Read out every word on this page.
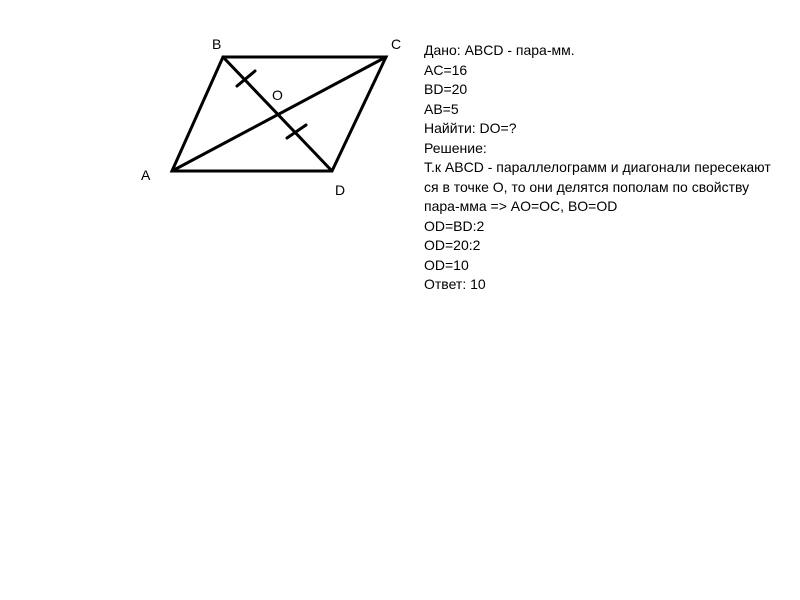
A
B	C
D
O
Дано: ABCD - пара-мм.
AC=16
BD=20
AB=5
Наййти: DO=?
Решение:
Т.к ABCD - параллелограмм и диагонали пересекают
ся в точке О, то они делятся пополам по свойству
пара-мма => AO=OC, BO=OD
OD=BD:2
OD=20:2
OD=10
Ответ: 10
